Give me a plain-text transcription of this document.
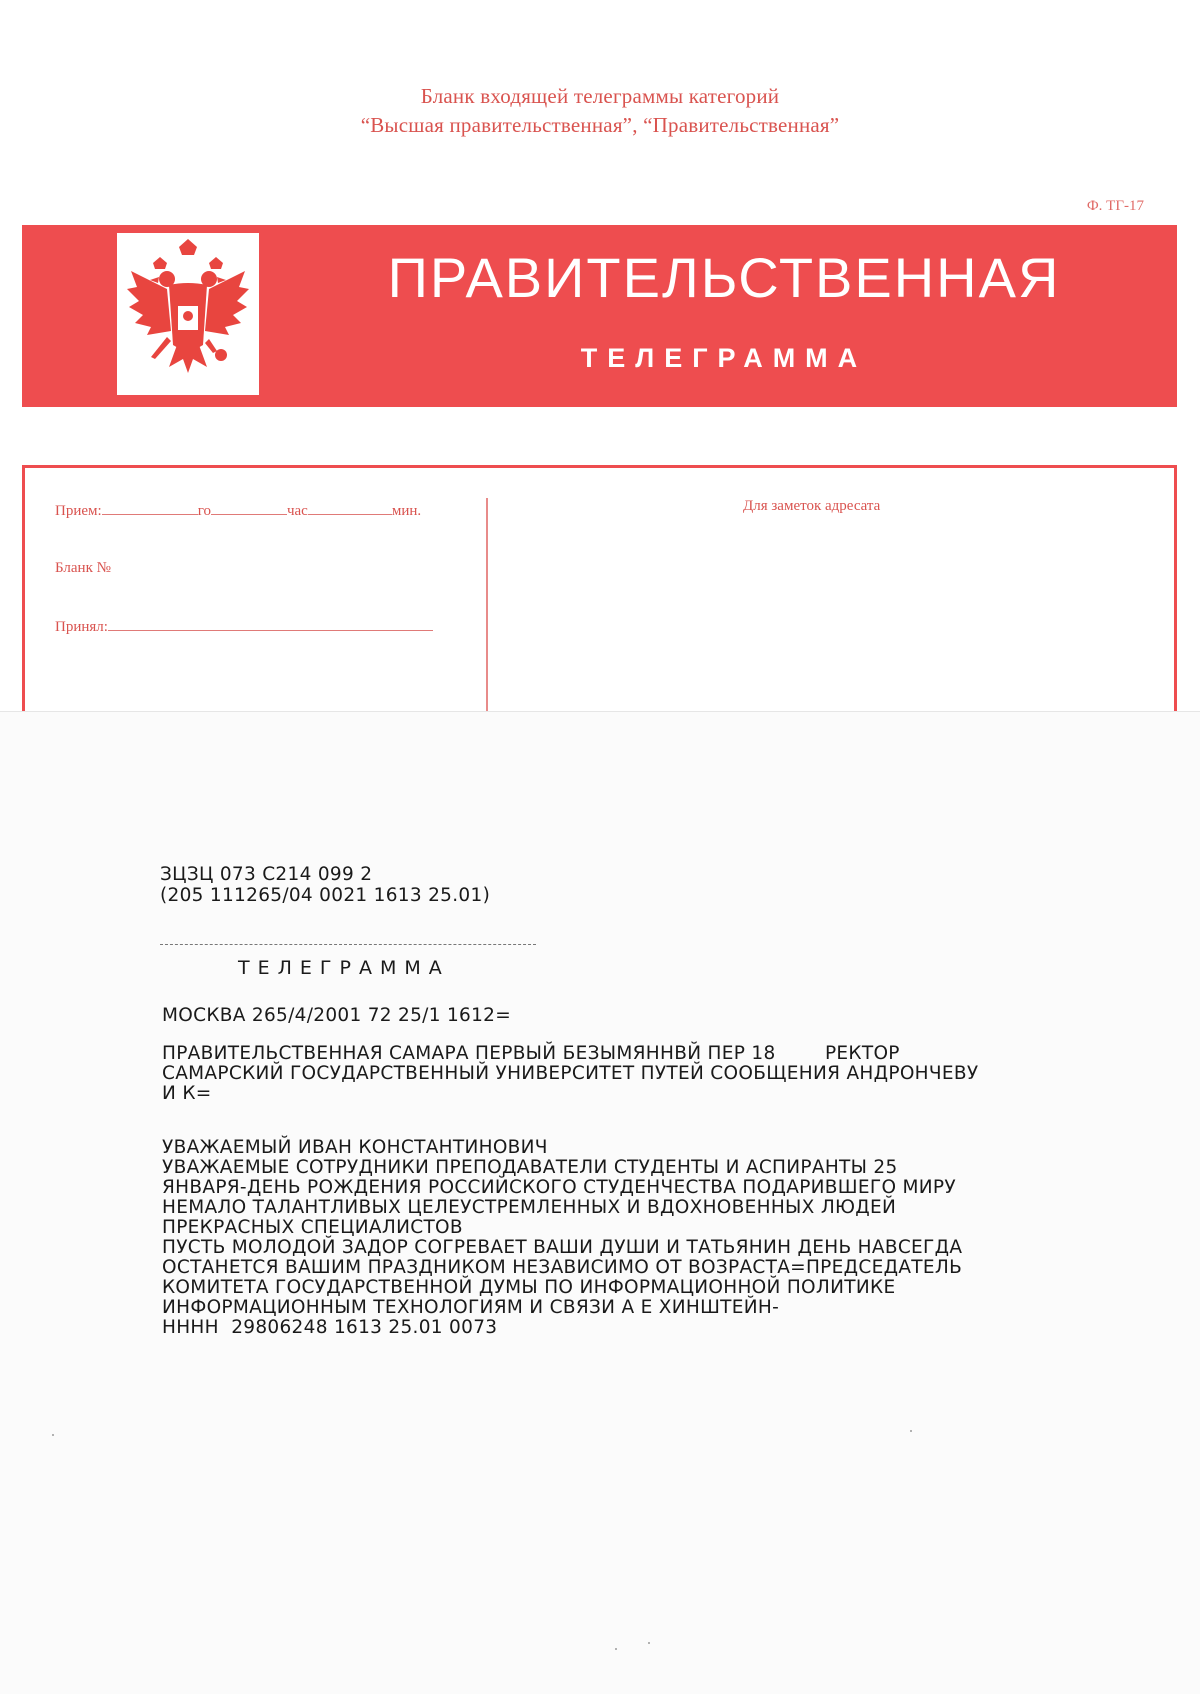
Бланк входящей телеграммы категорий
“Высшая правительственная”, “Правительственная”
Ф. ТГ-17
ПРАВИТЕЛЬСТВЕННАЯ
ТЕЛЕГРАММА
Прием:	го	час	мин.
Бланк №
Принял:
Для заметок адресата
ЗЦЗЦ 073 С214 099 2
(205 111265/04 0021 1613 25.01)
ТЕЛЕГРАММА
МОСКВА 265/4/2001 72 25/1 1612=
ПРАВИТЕЛЬСТВЕННАЯ САМАРА ПЕРВЫЙ БЕЗЫМЯННВЙ ПЕР 18        РЕКТОР
САМАРСКИЙ ГОСУДАРСТВЕННЫЙ УНИВЕРСИТЕТ ПУТЕЙ СООБЩЕНИЯ АНДРОНЧЕВУ
И К=
УВАЖАЕМЫЙ ИВАН КОНСТАНТИНОВИЧ
УВАЖАЕМЫЕ СОТРУДНИКИ ПРЕПОДАВАТЕЛИ СТУДЕНТЫ И АСПИРАНТЫ 25
ЯНВАРЯ-ДЕНЬ РОЖДЕНИЯ РОССИЙСКОГО СТУДЕНЧЕСТВА ПОДАРИВШЕГО МИРУ
НЕМАЛО ТАЛАНТЛИВЫХ ЦЕЛЕУСТРЕМЛЕННЫХ И ВДОХНОВЕННЫХ ЛЮДЕЙ
ПРЕКРАСНЫХ СПЕЦИАЛИСТОВ
ПУСТЬ МОЛОДОЙ ЗАДОР СОГРЕВАЕТ ВАШИ ДУШИ И ТАТЬЯНИН ДЕНЬ НАВСЕГДА
ОСТАНЕТСЯ ВАШИМ ПРАЗДНИКОМ НЕЗАВИСИМО ОТ ВОЗРАСТА=ПРЕДСЕДАТЕЛЬ
КОМИТЕТА ГОСУДАРСТВЕННОЙ ДУМЫ ПО ИНФОРМАЦИОННОЙ ПОЛИТИКЕ
ИНФОРМАЦИОННЫМ ТЕХНОЛОГИЯМ И СВЯЗИ А Е ХИНШТЕЙН-
НННН  29806248 1613 25.01 0073
